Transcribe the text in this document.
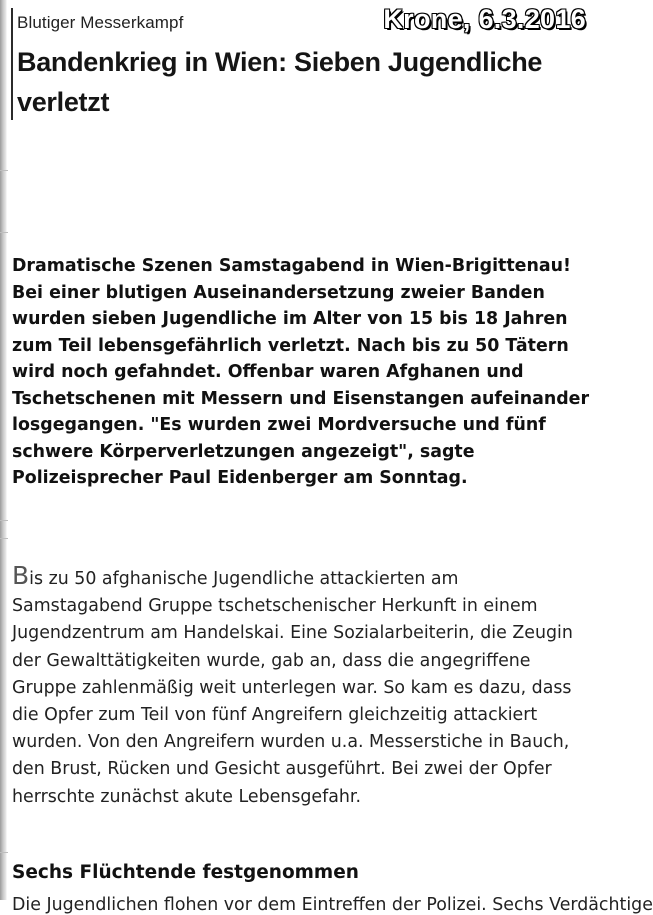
Blutiger Messerkampf	Krone, 6.3.2016
Bandenkrieg in Wien: Sieben Jugendliche verletzt

Dramatische Szenen Samstagabend in Wien-Brigittenau! Bei einer blutigen Auseinandersetzung zweier Banden wurden sieben Jugendliche im Alter von 15 bis 18 Jahren zum Teil lebensgefährlich verletzt. Nach bis zu 50 Tätern wird noch gefahndet. Offenbar waren Afghanen und Tschetschenen mit Messern und Eisenstangen aufeinander losgegangen. "Es wurden zwei Mordversuche und fünf schwere Körperverletzungen angezeigt", sagte Polizeisprecher Paul Eidenberger am Sonntag.

Bis zu 50 afghanische Jugendliche attackierten am Samstagabend Gruppe tschetschenischer Herkunft in einem Jugendzentrum am Handelskai. Eine Sozialarbeiterin, die Zeugin der Gewalttätigkeiten wurde, gab an, dass die angegriffene Gruppe zahlenmäßig weit unterlegen war. So kam es dazu, dass die Opfer zum Teil von fünf Angreifern gleichzeitig attackiert wurden. Von den Angreifern wurden u.a. Messerstiche in Bauch, den Brust, Rücken und Gesicht ausgeführt. Bei zwei der Opfer herrschte zunächst akute Lebensgefahr.

Sechs Flüchtende festgenommen
Die Jugendlichen flohen vor dem Eintreffen der Polizei. Sechs Verdächtige
